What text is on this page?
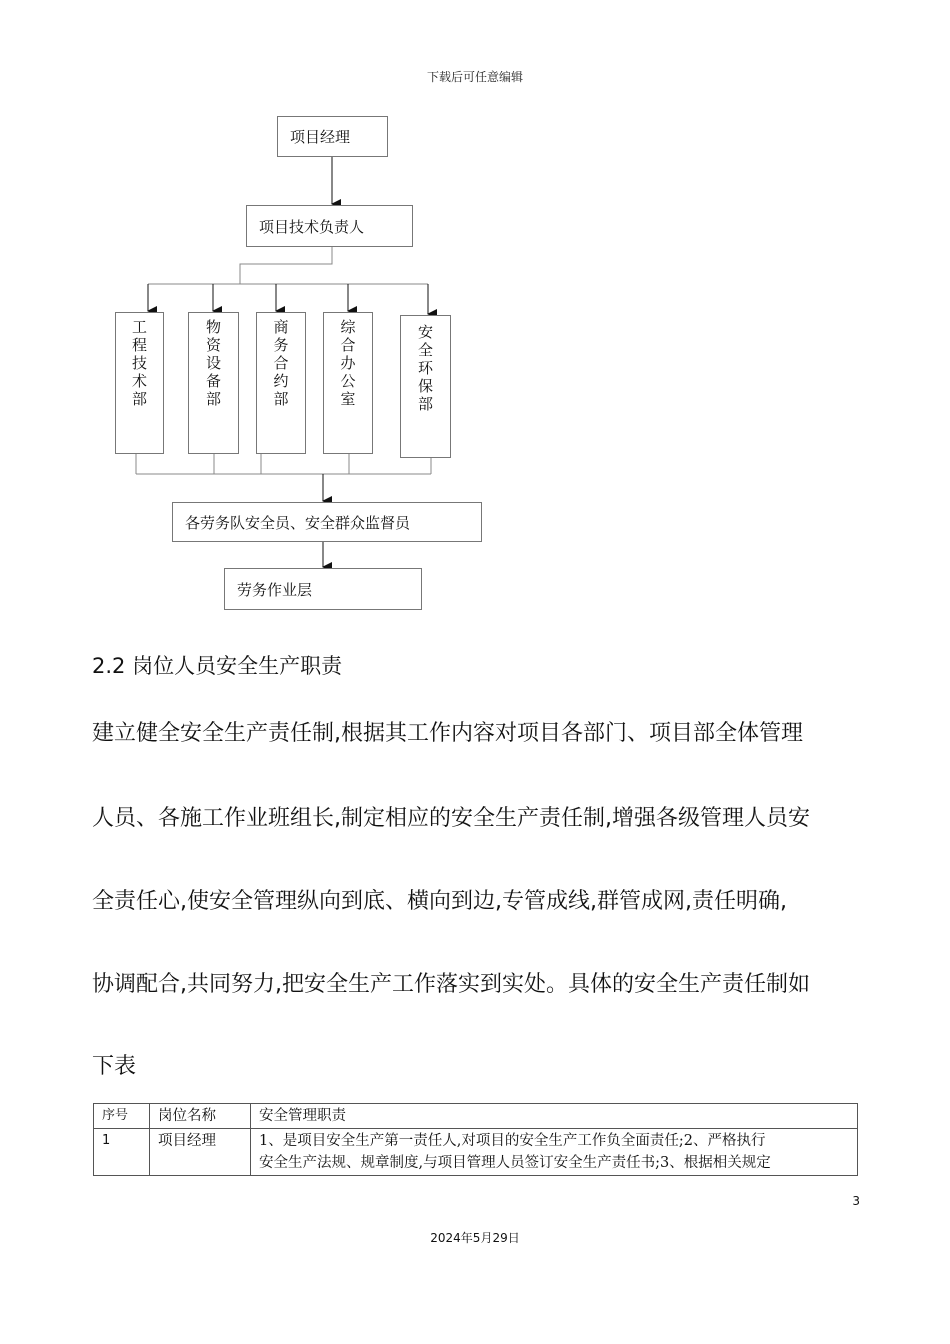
下载后可任意编辑
项目经理
项目技术负责人
工程技术部	物资设备部	商务合约部	综合办公室	安全环保部
各劳务队安全员、安全群众监督员
劳务作业层
2.2 岗位人员安全生产职责
建立健全安全生产责任制,根据其工作内容对项目各部门、项目部全体管理
人员、各施工作业班组长,制定相应的安全生产责任制,增强各级管理人员安
全责任心,使安全管理纵向到底、横向到边,专管成线,群管成网,责任明确,
协调配合,共同努力,把安全生产工作落实到实处。具体的安全生产责任制如
下表
序号	岗位名称	安全管理职责
1	项目经理	1、是项目安全生产第一责任人,对项目的安全生产工作负全面责任;2、严格执行
安全生产法规、规章制度,与项目管理人员签订安全生产责任书;3、根据相关规定
3
2024年5月29日
